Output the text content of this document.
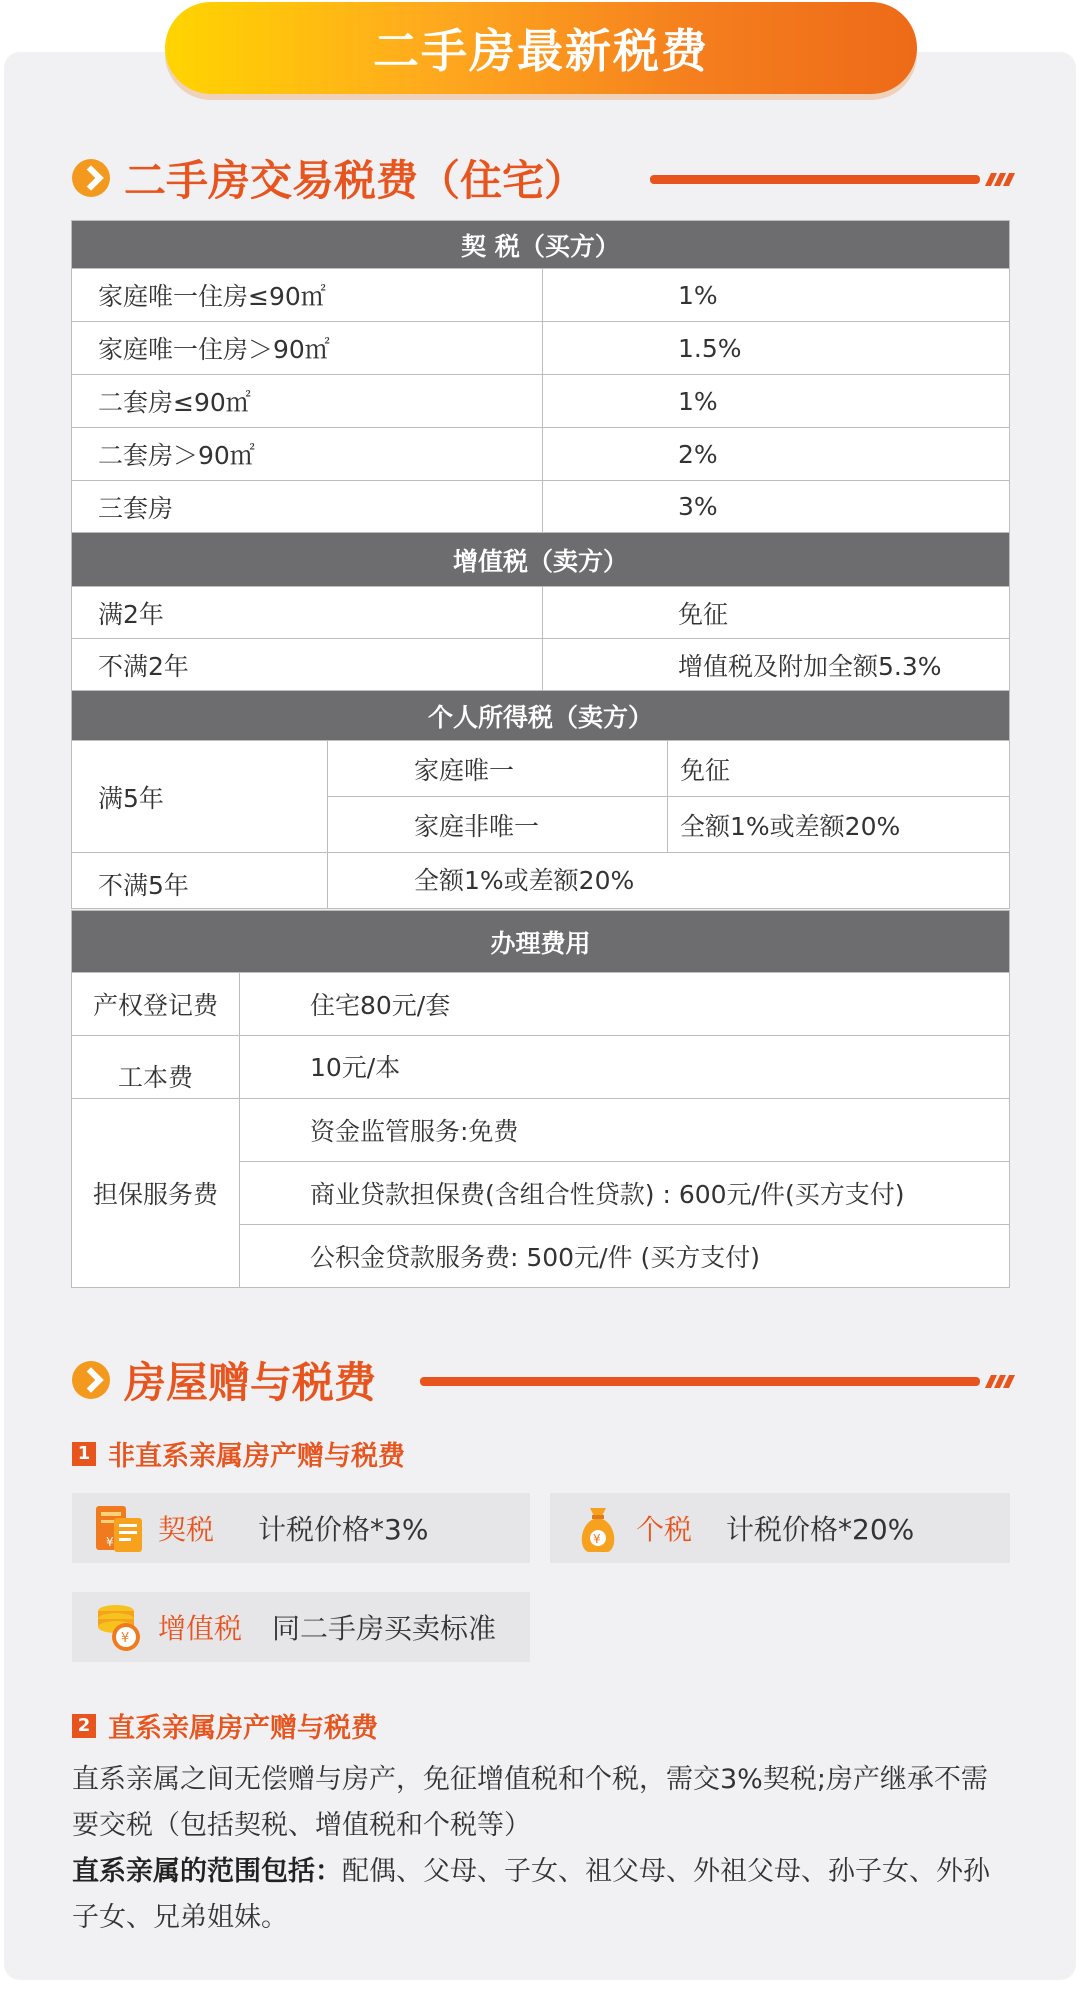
二手房最新税费
二手房交易税费（住宅）
契 税（买方）	
家庭唯一住房≤90㎡	1%
家庭唯一住房＞90㎡	1.5%
二套房≤90㎡	1%
二套房＞90㎡	2%
三套房	3%
增值税（卖方）	
满2年	免征
不满2年	增值税及附加全额5.3%
个人所得税（卖方）		
满5年	家庭唯一	免征
	家庭非唯一	全额1%或差额20%
不满5年	全额1%或差额20%	
办理费用	
产权登记费	住宅80元/套
工本费	10元/本
担保服务费	资金监管服务:免费
	商业贷款担保费(含组合性贷款) : 600元/件(买方支付)
	公积金贷款服务费: 500元/件 (买方支付)
房屋赠与税费
1 非直系亲属房产赠与税费
¥ 契税 计税价格*3%	¥ 个税 计税价格*20%
¥ 增值税 同二手房买卖标准
2 直系亲属房产赠与税费
直系亲属之间无偿赠与房产，免征增值税和个税，需交3%契税;房产继承不需
要交税（包括契税、增值税和个税等）
直系亲属的范围包括：配偶、父母、子女、祖父母、外祖父母、孙子女、外孙
子女、兄弟姐妹。
